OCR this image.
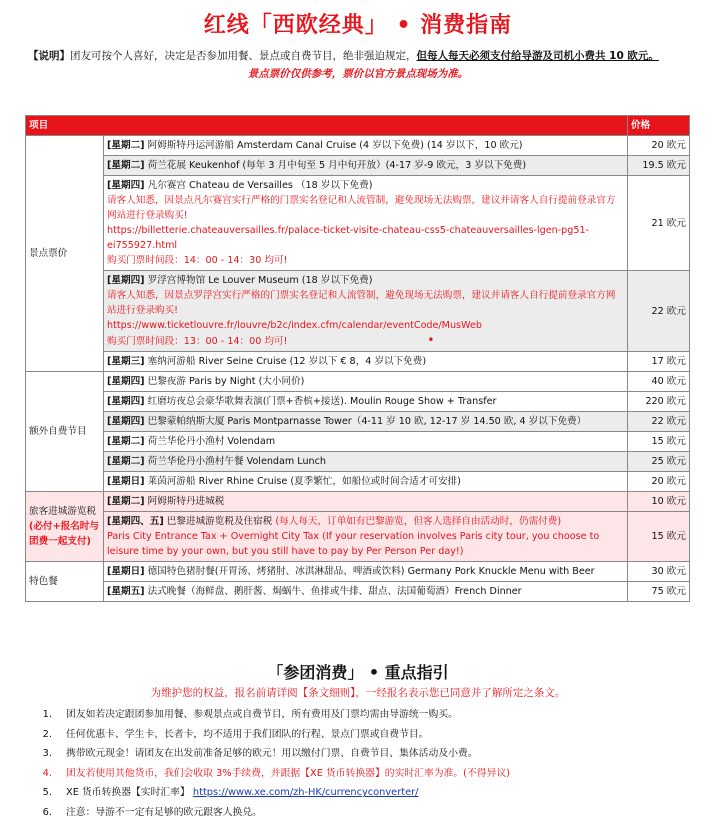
红线「西欧经典」 • 消费指南
【说明】团友可按个人喜好，决定是否参加用餐、景点或自费节目，绝非强迫规定，但每人每天必须支付给导游及司机小费共 10 欧元。
景点票价仅供参考，票价以官方景点现场为准。
项目		价格
景点票价	[星期二] 阿姆斯特丹运河游船 Amsterdam Canal Cruise (4 岁以下免费) (14 岁以下，10 欧元)	20 欧元
	[星期二] 荷兰花展 Keukenhof (每年 3 月中旬至 5 月中旬开放）(4-17 岁-9 欧元，3 岁以下免费)	19.5 欧元
	[星期四] 凡尔赛宫 Chateau de Versailles （18 岁以下免费)
请客人知悉，因景点凡尔赛宫实行严格的门票实名登记和人流管制，避免现场无法购票，建议并请客人自行提前登录官方网站进行登录购买!
https://billetterie.chateauversailles.fr/palace-ticket-visite-chateau-css5-chateauversailles-lgen-pg51-ei755927.html
购买门票时间段：14：00 - 14：30 均可!	21 欧元
	[星期四] 罗浮宫博物馆 Le Louver Museum (18 岁以下免费)
请客人知悉，因景点罗浮宫实行严格的门票实名登记和人流管制，避免现场无法购票，建议并请客人自行提前登录官方网站进行登录购买!
https://www.ticketlouvre.fr/louvre/b2c/index.cfm/calendar/eventCode/MusWeb
购买门票时间段：13：00 - 14：00 均可! •	22 欧元
	[星期三] 塞纳河游船 River Seine Cruise (12 岁以下 € 8，4 岁以下免费)	17 欧元
额外自费节目	[星期四] 巴黎夜游 Paris by Night (大小同价)	40 欧元
	[星期四] 红磨坊夜总会豪华歌舞表演(门票+香槟+接送). Moulin Rouge Show + Transfer	220 欧元
	[星期四] 巴黎蒙帕纳斯大厦 Paris Montparnasse Tower（4-11 岁 10 欧, 12-17 岁 14.50 欧, 4 岁以下免费）	22 欧元
	[星期二] 荷兰华伦丹小渔村 Volendam	15 欧元
	[星期二] 荷兰华伦丹小渔村午餐 Volendam Lunch	25 欧元
	[星期日] 莱茵河游船 River Rhine Cruise (夏季繁忙，如船位或时间合适才可安排)	20 欧元
旅客进城游览税
(必付+报名时与团费一起支付)	[星期二] 阿姆斯特丹进城税	10 欧元
	[星期四、五] 巴黎进城游览税及住宿税 (每人每天，订单如有巴黎游览，但客人选择自由活动时，仍需付费)
Paris City Entrance Tax + Overnight City Tax (If your reservation involves Paris city tour, you choose to leisure time by your own, but you still have to pay by Per Person Per day!)	15 欧元
特色餐	[星期日] 德国特色猪肘餐(开胃汤、烤猪肘、冰淇淋甜品、啤酒或饮料) Germany Pork Knuckle Menu with Beer	30 欧元
	[星期五] 法式晚餐（海鲜盘、鹅肝酱、焗蜗牛、鱼排或牛排、甜点、法国葡萄酒）French Dinner	75 欧元
「参团消费」 • 重点指引
为维护您的权益，报名前请详阅【条文细则】，一经报名表示您已同意并了解所定之条文。
1. 团友如若决定跟团参加用餐、参观景点或自费节目，所有费用及门票均需由导游统一购买。
2. 任何优惠卡、学生卡、长者卡，均不适用于我们团队的行程、景点门票或自费节目。
3. 携带欧元现金！请团友在出发前准备足够的欧元！用以缴付门票、自费节目、集体活动及小费。
4. 团友若使用其他货币，我们会收取 3%手续费，并跟据【XE 货币转换器】的实时汇率为准。(不得异议)
5. XE 货币转换器【实时汇率】 https://www.xe.com/zh-HK/currencyconverter/
6. 注意：导游不一定有足够的欧元跟客人换兑。
